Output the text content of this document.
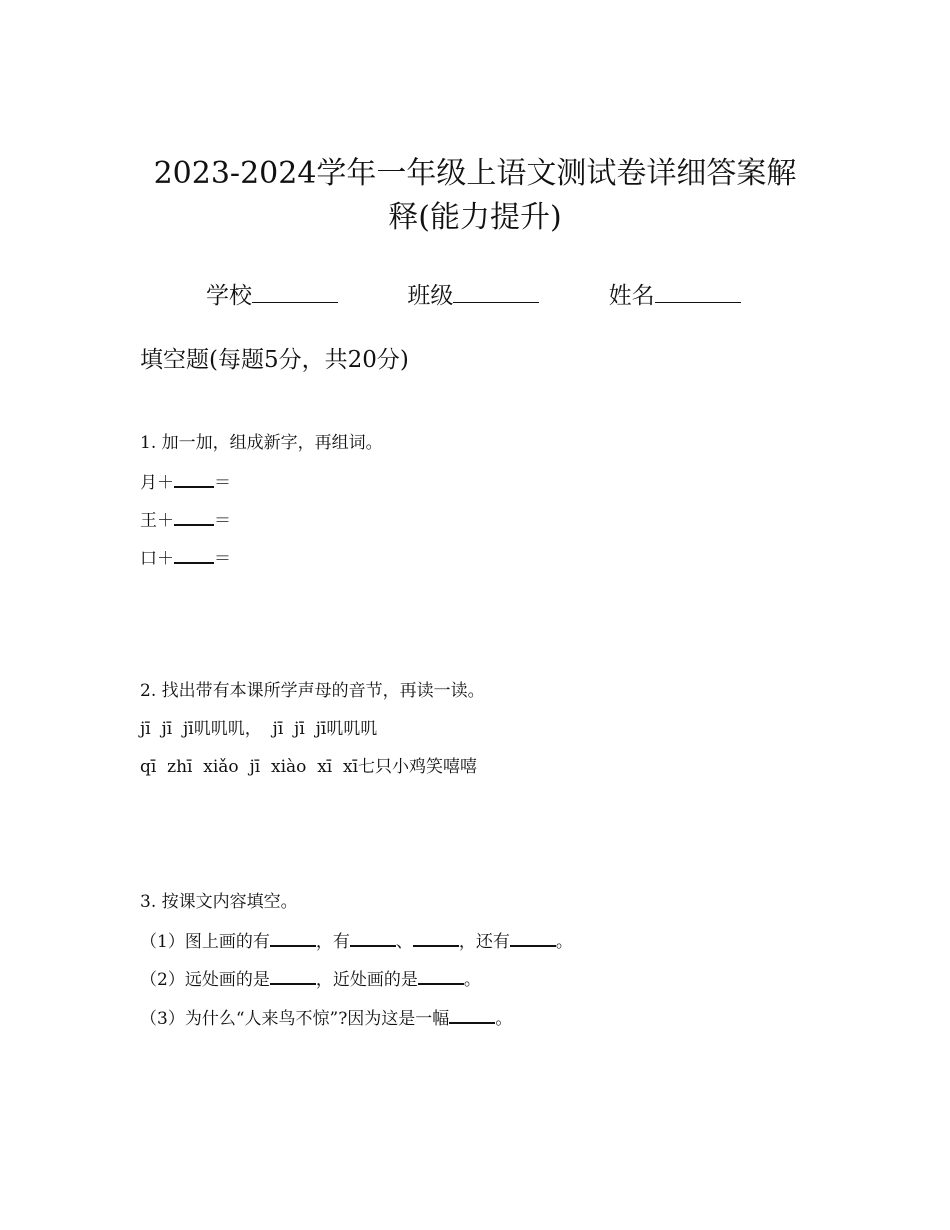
2023-2024学年一年级上语文测试卷详细答案解
释(能力提升)
学校	班级	姓名
填空题(每题5分，共20分)
1. 加一加，组成新字，再组词。
月＋ ＝
王＋ ＝
口＋ ＝
2. 找出带有本课所学声母的音节，再读一读。
jī  jī  jī叽叽叽，  jī  jī  jī叽叽叽
qī  zhī  xiǎo  jī  xiào  xī  xī七只小鸡笑嘻嘻
3. 按课文内容填空。
（1）图上画的有	，有	、	，还有	。
（2）远处画的是	，近处画的是	。
（3）为什么“人来鸟不惊”?因为这是一幅	。
